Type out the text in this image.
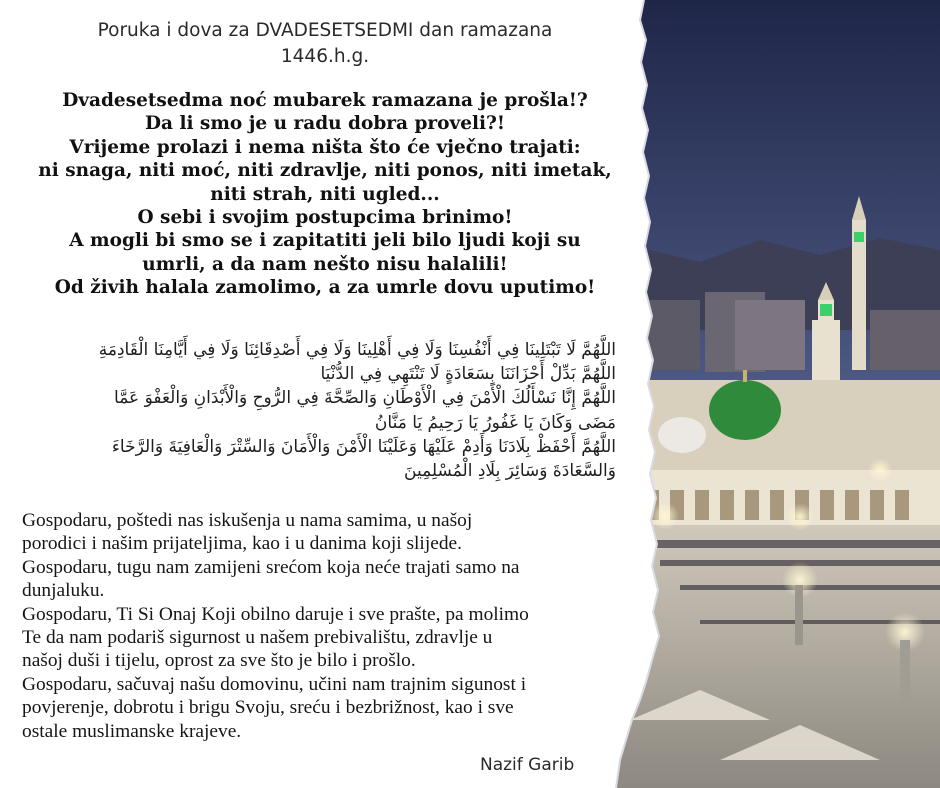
Poruka i dova za DVADESETSEDMI dan ramazana
1446.h.g.
Dvadesetsedma noć mubarek ramazana je prošla!?
Da li smo je u radu dobra proveli?!
Vrijeme prolazi i nema ništa što će vječno trajati:
ni snaga, niti moć, niti zdravlje, niti ponos, niti imetak,
niti strah, niti ugled...
O sebi i svojim postupcima brinimo!
A mogli bi smo se i zapitatiti jeli bilo ljudi koji su
umrli, a da nam nešto nisu halalili!
Od živih halala zamolimo, a za umrle dovu uputimo!
اللَّهُمَّ لَا تَبْتَلِينَا فِي أَنْفُسِنَا وَلَا فِي أَهْلِينَا وَلَا فِي أَصْدِقَائِنَا وَلَا فِي أَيَّامِنَا الْقَادِمَةِ
اللَّهُمَّ بَدِّلْ أَحْزَانَنَا بِسَعَادَةٍ لَا تَنْتَهِي فِي الدُّنْيَا
اللَّهُمَّ إِنَّا نَسْأَلُكَ الْأَمْنَ فِي الْأَوْطَانِ وَالصِّحَّةَ فِي الرُّوحِ وَالْأَبْدَانِ وَالْعَفْوَ عَمَّا
مَضَى وَكَانَ يَا غَفُورُ يَا رَحِيمُ يَا مَنَّانُ
اللَّهُمَّ أَحْفَظْ بِلَادَنَا وَأَدِمْ عَلَيْهَا وَعَلَيْنَا الْأَمْنَ وَالْأَمَانَ وَالسِّتْرَ وَالْعَافِيَةَ وَالرَّخَاءَ
وَالسَّعَادَةَ وَسَائِرَ بِلَادِ الْمُسْلِمِينَ
Gospodaru, poštedi nas iskušenja u nama samima, u našoj
porodici i našim prijateljima, kao i u danima koji slijede.
Gospodaru, tugu nam zamijeni srećom koja neće trajati samo na
dunjaluku.
Gospodaru, Ti Si Onaj Koji obilno daruje i sve prašte, pa molimo
Te da nam podariš sigurnost u našem prebivalištu, zdravlje u
našoj duši i tijelu, oprost za sve što je bilo i prošlo.
Gospodaru, sačuvaj našu domovinu, učini nam trajnim sigunost i
povjerenje, dobrotu i brigu Svoju, sreću i bezbrižnost, kao i sve
ostale muslimanske krajeve.
Nazif Garib
